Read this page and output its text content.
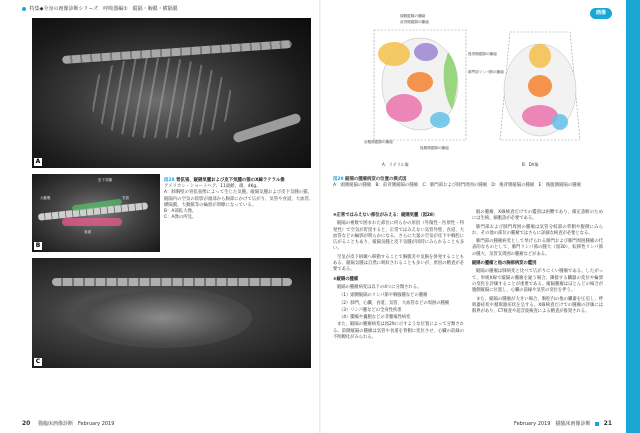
特集◆全身の画像診断シリーズ　呼吸器編①　縦隔・胸膜・横隔膜
画像
A
皮下気腫
気管
食道
大動脈
B
図28 胃拡張、縦隔気腫および皮下気腫の猫のX線ラテラル像
アメリカン・ショートヘア、11歳齢、雄、4Kg。
A：肺胸壁の胃拡張像によって生じた気腫。縦隔気腫および皮下気腫の猫。縦隔内の空気の陰影が頭部から胸部にかけて広がり、気管や食道、大血管、横隔膜、大動脈等の輪郭が明瞭になっている。
B：A部拡大像。
C：A像の所見。
C
頭側縦隔の腫瘤
前背側縦隔の腫瘤
肺門部リンパ節の腫瘤
後背側縦隔の腫瘤
前腹側縦隔の腫瘤
後腹側縦隔の腫瘤
A：ラテラル像	B：DV像
図29 縦隔の腫瘤病変の位置の模式図
A：頭側縦隔の腫瘤　B：前背側縦隔の腫瘤　C：肺門部および肺門周囲の腫瘤　D：後背側縦隔の腫瘤　E：後腹側縦隔の腫瘤
④正常ではみえない部位がみえる：縦隔気腫（図28）

縦隔の複数で囲まれた部位に何らかの原因（外傷性・医原性・特発性）で空気が貯留すると、正常ではみえない気管外壁、食道、大血管などの輪郭が明らかになる。さらに大量の空気が皮下や胸腔に広がることもあり、縦隔気腫と皮下気腫が同時にみられることも多い。

空気が皮下組織へ移動することで胸膜炎や気胸を併発することもある。縦隔気腫は自然に吸収されることも多いが、原因の精査が必要である。

⑤縦隔の腫瘤

縦隔の腫瘤病変は以下の4つに分類される。

（1）頭側縦隔のリンパ節や胸腺腫などの腫瘤
（2）肺門、心臓、食道、気管、大血管などの周囲の腫瘤
（3）リンパ腫などの全身性疾患
（4）膿瘍や嚢胞などの非腫瘍性病変

また、縦隔の腫瘤病変は図29に示すような位置によって分類される。前側縦隔の腫瘤は気管や食道を背側に変位させ、心臓の前縁の不明瞭化がみられる。

縦の腫瘤、X線検査だけでの鑑別は困難であり、確定診断のためには生検、細胞診が必要である。

肺門部および肺門周囲の腫瘤は気管分岐部の背側や腹側にみられ、その他の部位の腫瘤ではさらに詳細な検査が必要となる。

肺門部の腫瘤病変として挙げられる肺門および肺門周囲腫瘤の代表的なものとして、肺門リンパ節の腫大（図30）、転移性リンパ節の腫大、気管支周囲の腫瘤などがある。

縦隔の腫瘤と他の胸部病変の鑑別

縦隔の腫瘤は肺病変と比べて広がりにくい腫瘤である。したがって、単純X線で縦隔の腫瘤を疑う場合、隣接する臓器の変位や輪郭の変化を評価することが重要である。縦隔腫瘤はほとんどの場合が腹側縦隔に位置し、心臓の前縁や気管の変位を伴う。

また、縦隔の腫瘤が大きい場合、胸腔内の他の臓器を圧迫し、呼吸器症状や循環器症状を呈する。X線検査だけでの腫瘤の評価には限界があり、CT検査や超音波検査による精査が推奨される。

20 猫臨床画像診断　February 2019	February 2019　猫臨床画像診断 21
